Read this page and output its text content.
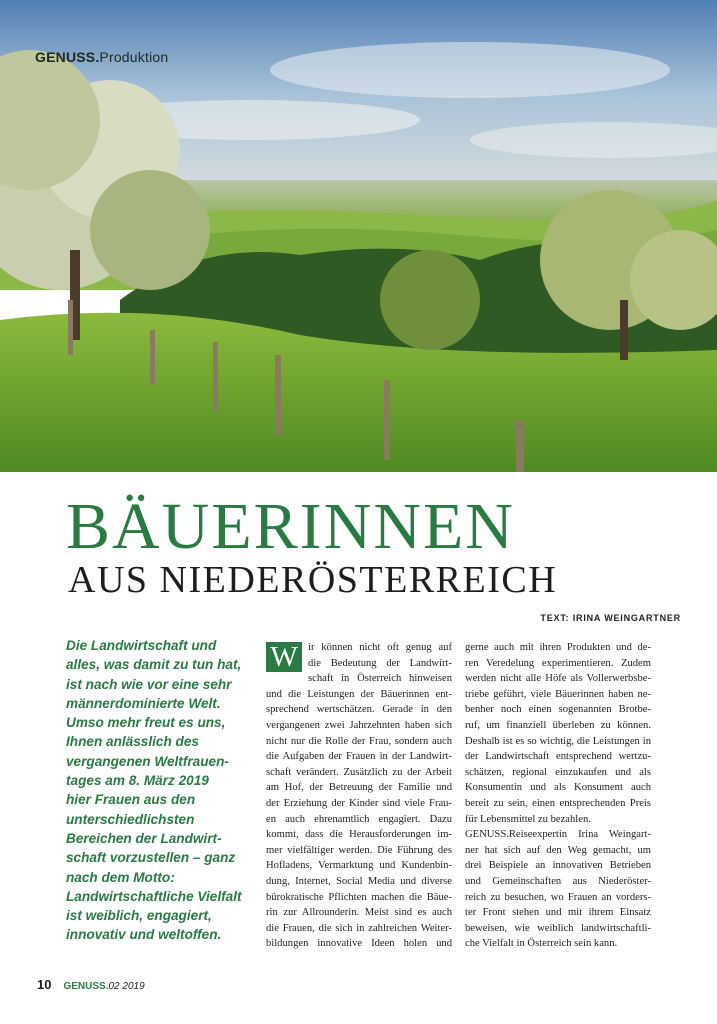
GENUSS.Produktion
BÄUERINNEN
AUS NIEDERÖSTERREICH
TEXT: IRINA WEINGARTNER
Die Landwirtschaft und
alles, was damit zu tun hat,
ist nach wie vor eine sehr
männerdominierte Welt.
Umso mehr freut es uns,
Ihnen anlässlich des
vergangenen Weltfrauen-
tages am 8. März 2019
hier Frauen aus den
unterschiedlichsten
Bereichen der Landwirt-
schaft vorzustellen – ganz
nach dem Motto:
Landwirtschaftliche Vielfalt
ist weiblich, engagiert,
innovativ und weltoffen.
W ir können nicht oft genug auf
die Bedeutung der Landwirt-
schaft in Österreich hinweisen
und die Leistungen der Bäuerinnen ent-
sprechend wertschätzen. Gerade in den
vergangenen zwei Jahrzehnten haben sich
nicht nur die Rolle der Frau, sondern auch
die Aufgaben der Frauen in der Landwirt-
schaft verändert. Zusätzlich zu der Arbeit
am Hof, der Betreuung der Familie und
der Erziehung der Kinder sind viele Frau-
en auch ehrenamtlich engagiert. Dazu
kommt, dass die Herausforderungen im-
mer vielfältiger werden. Die Führung des
Hofladens, Vermarktung und Kundenbin-
dung, Internet, Social Media und diverse
bürokratische Pflichten machen die Bäue-
rin zur Allrounderin. Meist sind es auch
die Frauen, die sich in zahlreichen Weiter-
bildungen innovative Ideen holen und
gerne auch mit ihren Produkten und de-
ren Veredelung experimentieren. Zudem
werden nicht alle Höfe als Vollerwerbsbe-
triebe geführt, viele Bäuerinnen haben ne-
benher noch einen sogenannten Brotbe-
ruf, um finanziell überleben zu können.
Deshalb ist es so wichtig, die Leistungen in
der Landwirtschaft entsprechend wertzu-
schätzen, regional einzukaufen und als
Konsumentin und als Konsument auch
bereit zu sein, einen entsprechenden Preis
für Lebensmittel zu bezahlen.
GENUSS.Reiseexpertin Irina Weingart-
ner hat sich auf den Weg gemacht, um
drei Beispiele an innovativen Betrieben
und Gemeinschaften aus Niederöster-
reich zu besuchen, wo Frauen an vorders-
ter Front stehen und mit ihrem Einsatz
beweisen, wie weiblich landwirtschaftli-
che Vielfalt in Österreich sein kann.
10 GENUSS.02 2019
